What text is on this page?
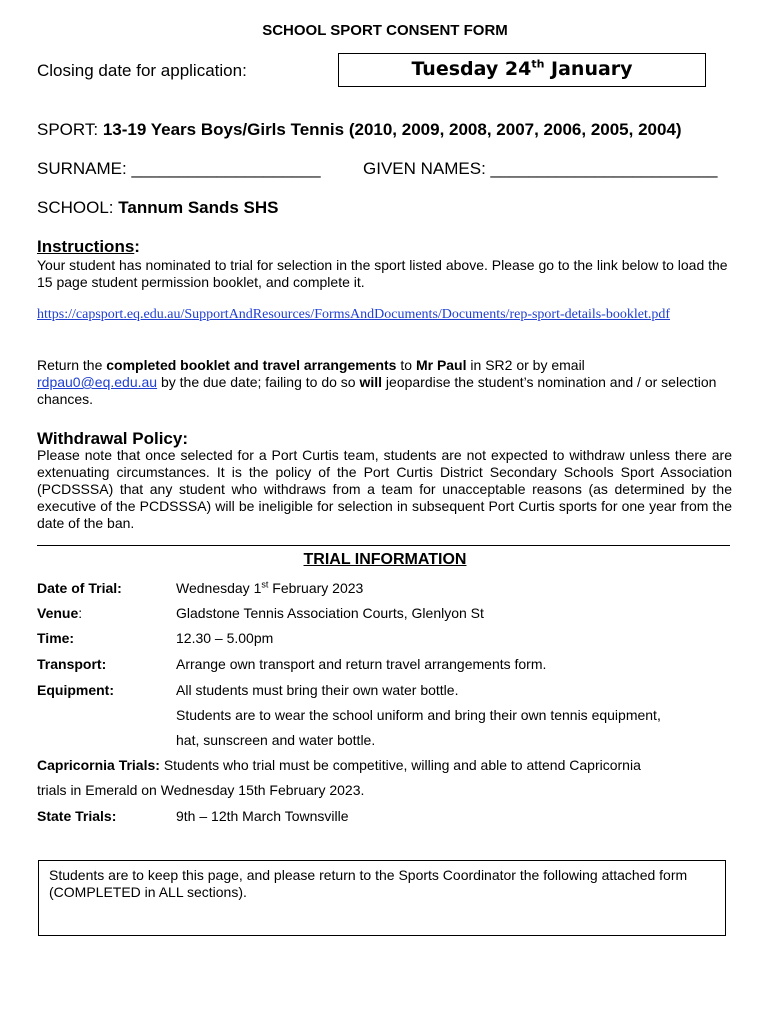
SCHOOL SPORT CONSENT FORM
Closing date for application:	Tuesday 24th January
SPORT: 13-19 Years Boys/Girls Tennis (2010, 2009, 2008, 2007, 2006, 2005, 2004)
SURNAME: ____________________ GIVEN NAMES: ________________________
SCHOOL: Tannum Sands SHS
Instructions:
Your student has nominated to trial for selection in the sport listed above. Please go to the link below to load the 15 page student permission booklet, and complete it.
https://capsport.eq.edu.au/SupportAndResources/FormsAndDocuments/Documents/rep-sport-details-booklet.pdf
Return the completed booklet and travel arrangements to Mr Paul in SR2 or by email
rdpau0@eq.edu.au by the due date; failing to do so will jeopardise the student’s nomination and / or selection chances.
Withdrawal Policy:
Please note that once selected for a Port Curtis team, students are not expected to withdraw unless there are extenuating circumstances. It is the policy of the Port Curtis District Secondary Schools Sport Association (PCDSSSA) that any student who withdraws from a team for unacceptable reasons (as determined by the executive of the PCDSSSA) will be ineligible for selection in subsequent Port Curtis sports for one year from the date of the ban.
TRIAL INFORMATION
Date of Trial:	Wednesday 1st February 2023
Venue:	Gladstone Tennis Association Courts, Glenlyon St
Time:	12.30 – 5.00pm
Transport:	Arrange own transport and return travel arrangements form.
Equipment:	All students must bring their own water bottle.
Students are to wear the school uniform and bring their own tennis equipment,
hat, sunscreen and water bottle.
Capricornia Trials: Students who trial must be competitive, willing and able to attend Capricornia
trials in Emerald on Wednesday 15th February 2023.
State Trials:	9th – 12th March Townsville
Students are to keep this page, and please return to the Sports Coordinator the following attached form (COMPLETED in ALL sections).
